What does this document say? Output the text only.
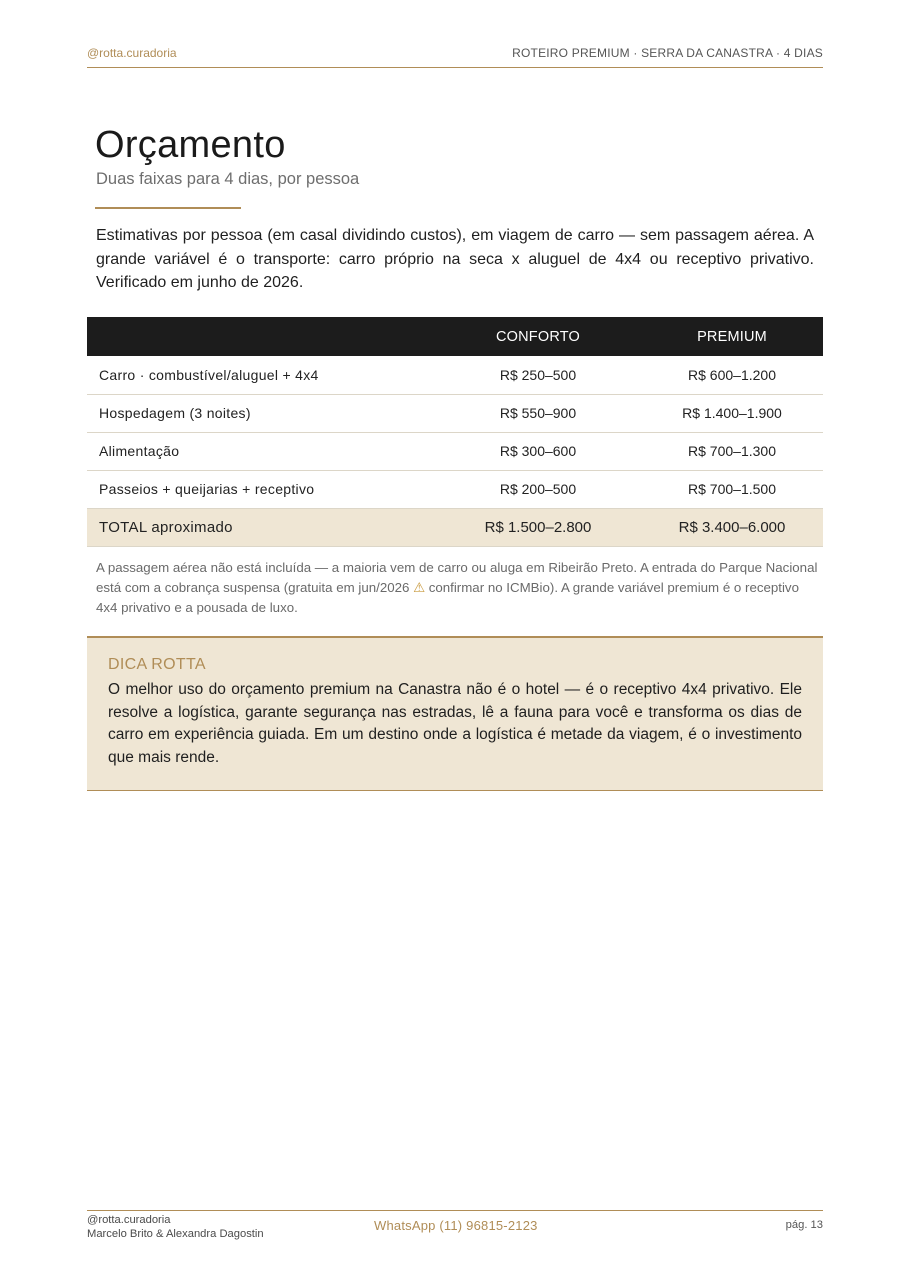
@rotta.curadoria	ROTEIRO PREMIUM · SERRA DA CANASTRA · 4 DIAS
Orçamento
Duas faixas para 4 dias, por pessoa

Estimativas por pessoa (em casal dividindo custos), em viagem de carro — sem passagem aérea. A grande variável é o transporte: carro próprio na seca x aluguel de 4x4 ou receptivo privativo. Verificado em junho de 2026.

	CONFORTO	PREMIUM
Carro · combustível/aluguel + 4x4	R$ 250–500	R$ 600–1.200
Hospedagem (3 noites)	R$ 550–900	R$ 1.400–1.900
Alimentação	R$ 300–600	R$ 700–1.300
Passeios + queijarias + receptivo	R$ 200–500	R$ 700–1.500
TOTAL aproximado	R$ 1.500–2.800	R$ 3.400–6.000

A passagem aérea não está incluída — a maioria vem de carro ou aluga em Ribeirão Preto. A entrada do Parque Nacional está com a cobrança suspensa (gratuita em jun/2026 ⚠ confirmar no ICMBio). A grande variável premium é o receptivo 4x4 privativo e a pousada de luxo.

DICA ROTTA

O melhor uso do orçamento premium na Canastra não é o hotel — é o receptivo 4x4 privativo. Ele resolve a logística, garante segurança nas estradas, lê a fauna para você e transforma os dias de carro em experiência guiada. Em um destino onde a logística é metade da viagem, é o investimento que mais rende.

@rotta.curadoria
Marcelo Brito & Alexandra Dagostin
WhatsApp (11) 96815-2123	pág. 13
